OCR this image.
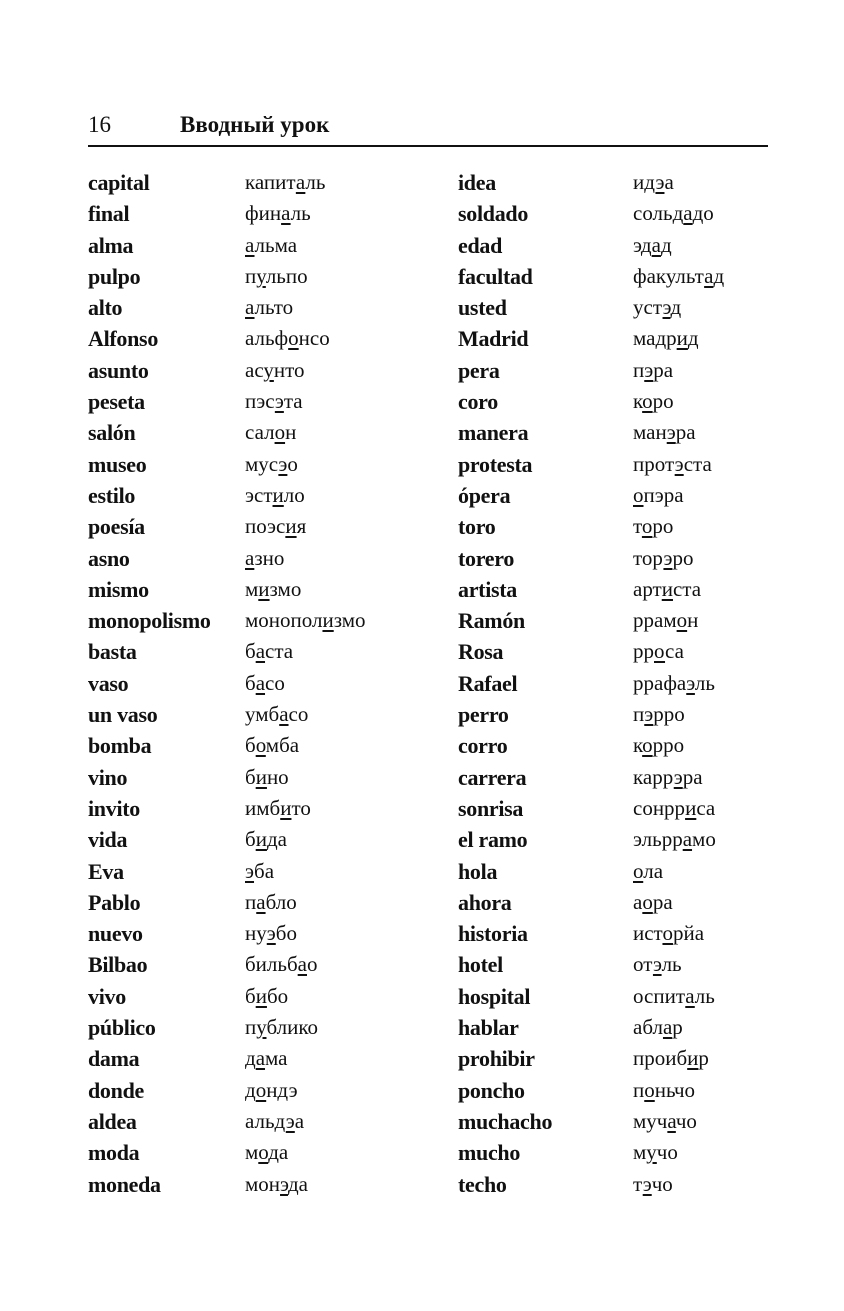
16	Вводный урок
capital
final
alma
pulpo
alto
Alfonso
asunto
peseta
salón
museo
estilo
poesía
asno
mismo
monopolismo
basta
vaso
un vaso
bomba
vino
invito
vida
Eva
Pablo
nuevo
Bilbao
vivo
público
dama
donde
aldea
moda
moneda
капиталь
финаль
альма
пульпо
альто
альфонсо
асунто
пэсэта
салон
мусэо
эстило
поэсия
азно
мизмо
монополизмо
баста
басо
умбасо
бомба
бино
имбито
бида
эба
пабло
нуэбо
бильбао
бибо
публико
дама
дондэ
альдэа
мода
монэда
idea
soldado
edad
facultad
usted
Madrid
pera
coro
manera
protesta
ópera
toro
torero
artista
Ramón
Rosa
Rafael
perro
corro
carrera
sonrisa
el ramo
hola
ahora
historia
hotel
hospital
hablar
prohibir
poncho
muchacho
mucho
techo
идэа
сольдадо
эдад
факультад
устэд
мадрид
пэра
коро
манэра
протэста
опэра
торо
торэро
артиста
ррамон
рроса
ррафаэль
пэрро
корро
каррэра
сонрриса
эльррамо
ола
аора
исторйа
отэль
оспиталь
аблар
проибир
поньчо
мучачо
мучо
тэчо
